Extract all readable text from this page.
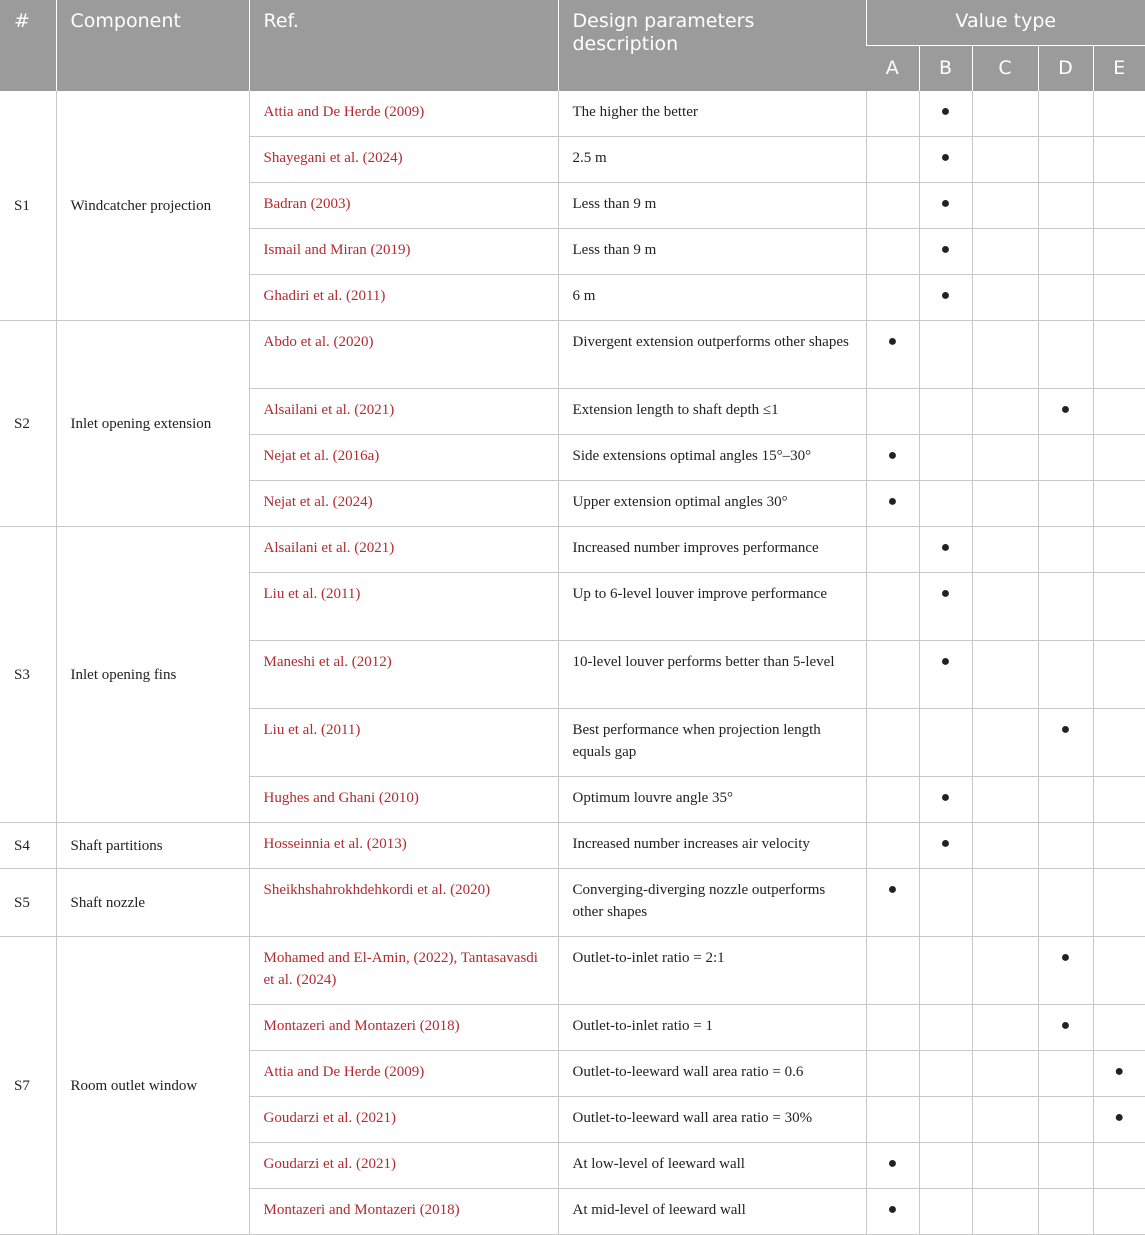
#	Component	Ref.	Design parameters description	Value type				
				A	B	C	D	E
S1	Windcatcher projection	Attia and De Herde (2009)	The higher the better		●			
		Shayegani et al. (2024)	2.5 m		●			
		Badran (2003)	Less than 9 m		●			
		Ismail and Miran (2019)	Less than 9 m		●			
		Ghadiri et al. (2011)	6 m		●			
S2	Inlet opening extension	Abdo et al. (2020)	Divergent extension outperforms other shapes	●				
		Alsailani et al. (2021)	Extension length to shaft depth ≤1				●	
		Nejat et al. (2016a)	Side extensions optimal angles 15°–30°	●				
		Nejat et al. (2024)	Upper extension optimal angles 30°	●				
S3	Inlet opening fins	Alsailani et al. (2021)	Increased number improves performance		●			
		Liu et al. (2011)	Up to 6-level louver improve performance		●			
		Maneshi et al. (2012)	10-level louver performs better than 5-level		●			
		Liu et al. (2011)	Best performance when projection length equals gap				●	
		Hughes and Ghani (2010)	Optimum louvre angle 35°		●			
S4	Shaft partitions	Hosseinnia et al. (2013)	Increased number increases air velocity		●			
S5	Shaft nozzle	Sheikhshahrokhdehkordi et al. (2020)	Converging-diverging nozzle outperforms other shapes	●				
S7	Room outlet window	Mohamed and El-Amin, (2022), Tantasavasdi et al. (2024)	Outlet-to-inlet ratio = 2:1				●	
		Montazeri and Montazeri (2018)	Outlet-to-inlet ratio = 1				●	
		Attia and De Herde (2009)	Outlet-to-leeward wall area ratio = 0.6					●
		Goudarzi et al. (2021)	Outlet-to-leeward wall area ratio = 30%					●
		Goudarzi et al. (2021)	At low-level of leeward wall	●				
		Montazeri and Montazeri (2018)	At mid-level of leeward wall	●				
